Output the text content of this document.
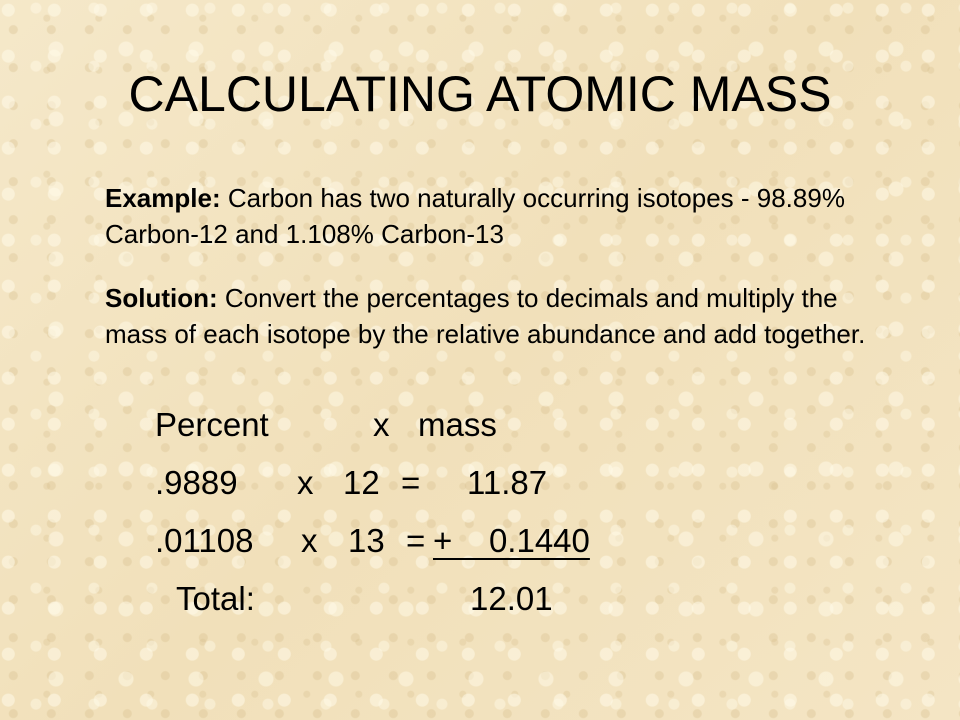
CALCULATING ATOMIC MASS
Example: Carbon has two naturally occurring isotopes - 98.89% Carbon-12 and 1.108% Carbon-13
Solution: Convert the percentages to decimals and multiply the mass of each isotope by the relative abundance and add together.
Percent	x mass
.9889 x 12 = 11.87
.01108 x 13 = +    0.1440
Total:	12.01
